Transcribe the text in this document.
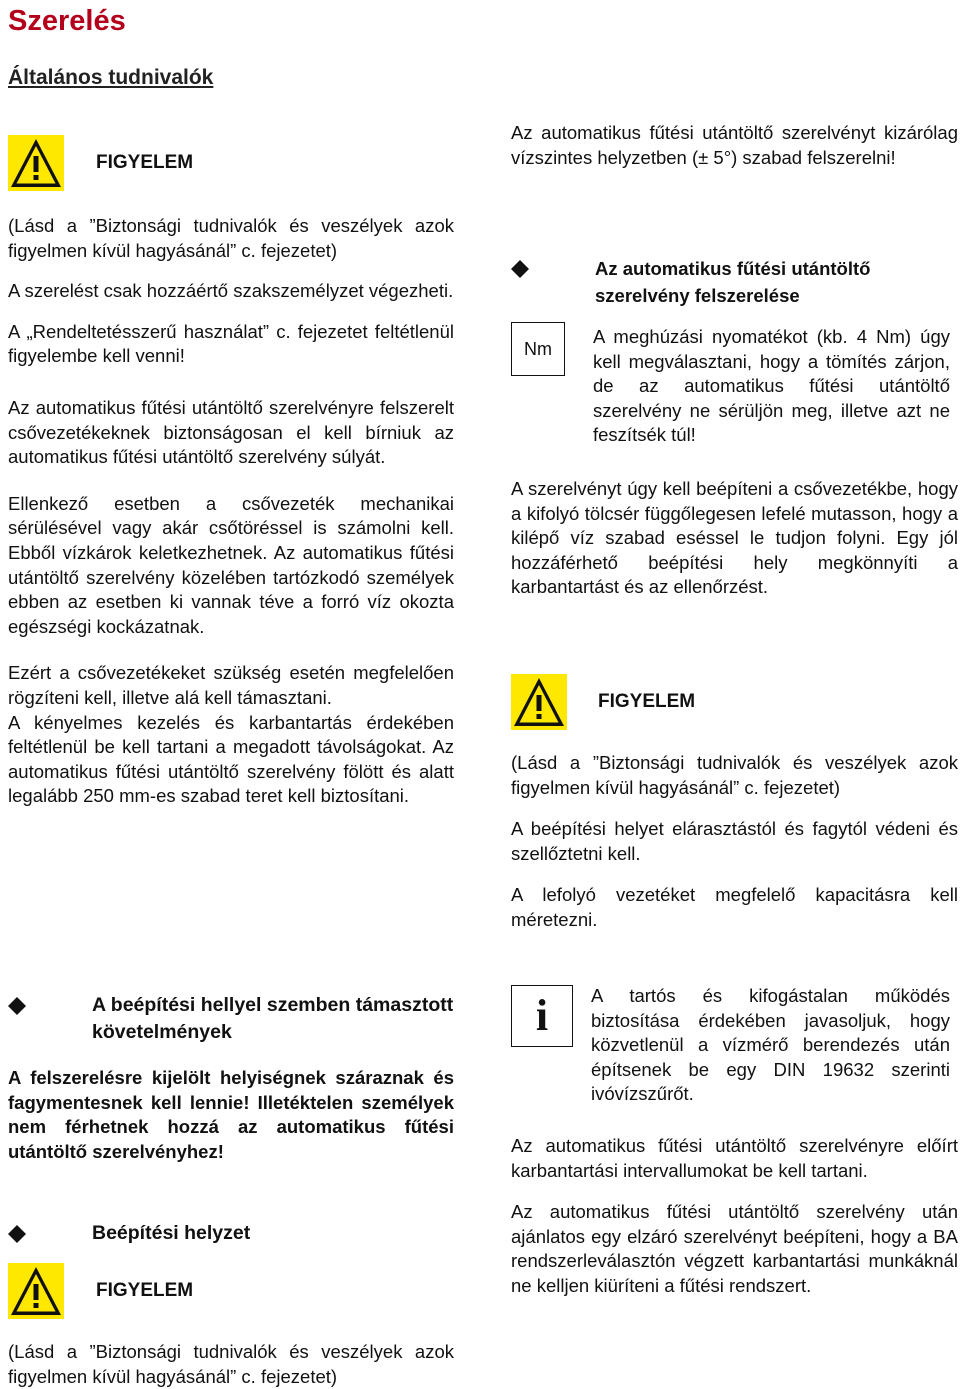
Szerelés
Általános tudnivalók
FIGYELEM

(Lásd a ”Biztonsági tudnivalók és veszélyek azok figyelmen kívül hagyásánál” c. fejezetet)

A szerelést csak hozzáértő szakszemélyzet végezheti.

A „Rendeltetésszerű használat” c. fejezetet feltétlenül figyelembe kell venni!

Az automatikus fűtési utántöltő szerelvényre felszerelt csővezetékeknek biztonságosan el kell bírniuk az automatikus fűtési utántöltő szerelvény súlyát.

Ellenkező esetben a csővezeték mechanikai sérülésével vagy akár csőtöréssel is számolni kell. Ebből vízkárok keletkezhetnek. Az automatikus fűtési utántöltő szerelvény közelében tartózkodó személyek ebben az esetben ki vannak téve a forró víz okozta egészségi kockázatnak.

Ezért a csővezetékeket szükség esetén megfelelően rögzíteni kell, illetve alá kell támasztani.

A kényelmes kezelés és karbantartás érdekében feltétlenül be kell tartani a megadott távolságokat. Az automatikus fűtési utántöltő szerelvény fölött és alatt legalább 250 mm-es szabad teret kell biztosítani.

A beépítési hellyel szemben támasztott követelmények

A felszerelésre kijelölt helyiségnek száraznak és fagymentesnek kell lennie! Illetéktelen személyek nem férhetnek hozzá az automatikus fűtési utántöltő szerelvényhez!

Beépítési helyzet
FIGYELEM

(Lásd a ”Biztonsági tudnivalók és veszélyek azok figyelmen kívül hagyásánál” c. fejezetet)

Az automatikus fűtési utántöltő szerelvényt kizárólag vízszintes helyzetben (± 5°) szabad felszerelni!

Az automatikus fűtési utántöltő szerelvény felszerelése
Nm

A meghúzási nyomatékot (kb. 4 Nm) úgy kell megválasztani, hogy a tömítés zárjon, de az automatikus fűtési utántöltő szerelvény ne sérüljön meg, illetve azt ne feszítsék túl!

A szerelvényt úgy kell beépíteni a csővezetékbe, hogy a kifolyó tölcsér függőlegesen lefelé mutasson, hogy a kilépő víz szabad eséssel le tudjon folyni. Egy jól hozzáférhető beépítési hely megkönnyíti a karbantartást és az ellenőrzést.

FIGYELEM

(Lásd a ”Biztonsági tudnivalók és veszélyek azok figyelmen kívül hagyásánál” c. fejezetet)

A beépítési helyet elárasztástól és fagytól védeni és szellőztetni kell.

A lefolyó vezetéket megfelelő kapacitásra kell méretezni.

i A tartós és kifogástalan működés biztosítása érdekében javasoljuk, hogy közvetlenül a vízmérő berendezés után építsenek be egy DIN 19632 szerinti ivóvízszűrőt.

Az automatikus fűtési utántöltő szerelvényre előírt karbantartási intervallumokat be kell tartani.

Az automatikus fűtési utántöltő szerelvény után ajánlatos egy elzáró szerelvényt beépíteni, hogy a BA rendszerleválasztón végzett karbantartási munkáknál ne kelljen kiüríteni a fűtési rendszert.
